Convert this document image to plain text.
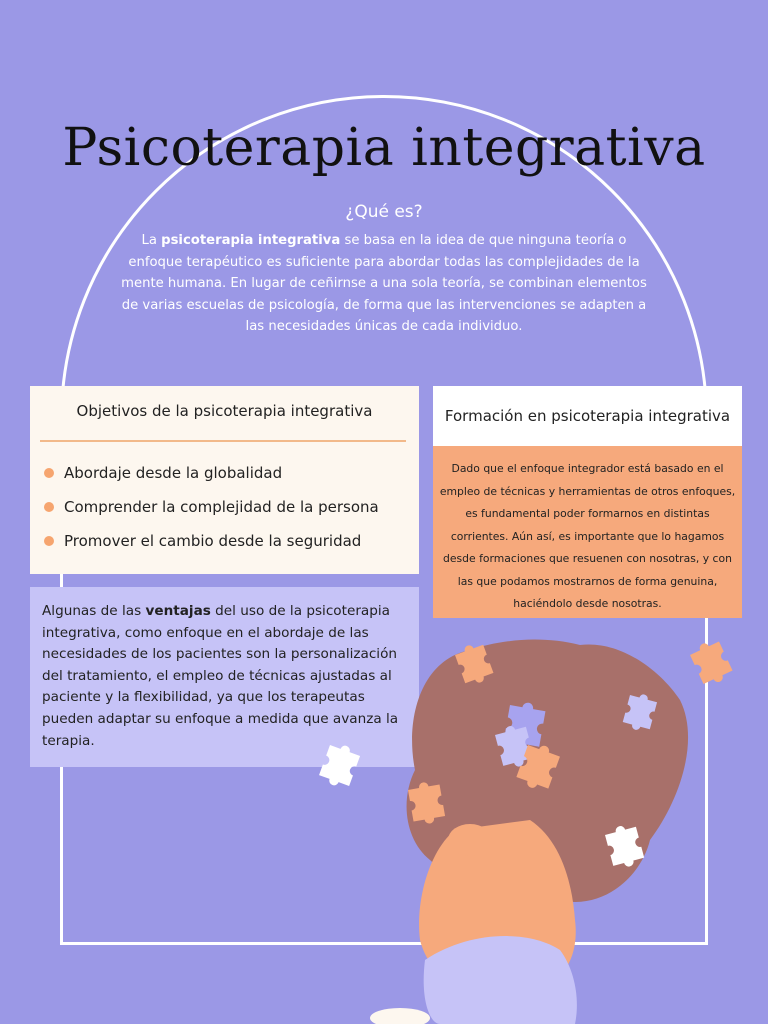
Psicoterapia integrativa

¿Qué es?

La psicoterapia integrativa se basa en la idea de que ninguna teoría o enfoque terapéutico es suficiente para abordar todas las complejidades de la mente humana. En lugar de ceñirnse a una sola teoría, se combinan elementos de varias escuelas de psicología, de forma que las intervenciones se adapten a las necesidades únicas de cada individuo.

Objetivos de la psicoterapia integrativa
Abordaje desde la globalidad
Comprender la complejidad de la persona
Promover el cambio desde la seguridad
Formación en psicoterapia integrativa
Dado que el enfoque integrador está basado en el empleo de técnicas y herramientas de otros enfoques, es fundamental poder formarnos en distintas corrientes. Aún así, es importante que lo hagamos desde formaciones que resuenen con nosotras, y con las que podamos mostrarnos de forma genuina, haciéndolo desde nosotras.
Algunas de las ventajas del uso de la psicoterapia integrativa, como enfoque en el abordaje de las necesidades de los pacientes son la personalización del tratamiento, el empleo de técnicas ajustadas al paciente y la flexibilidad, ya que los terapeutas pueden adaptar su enfoque a medida que avanza la terapia.
